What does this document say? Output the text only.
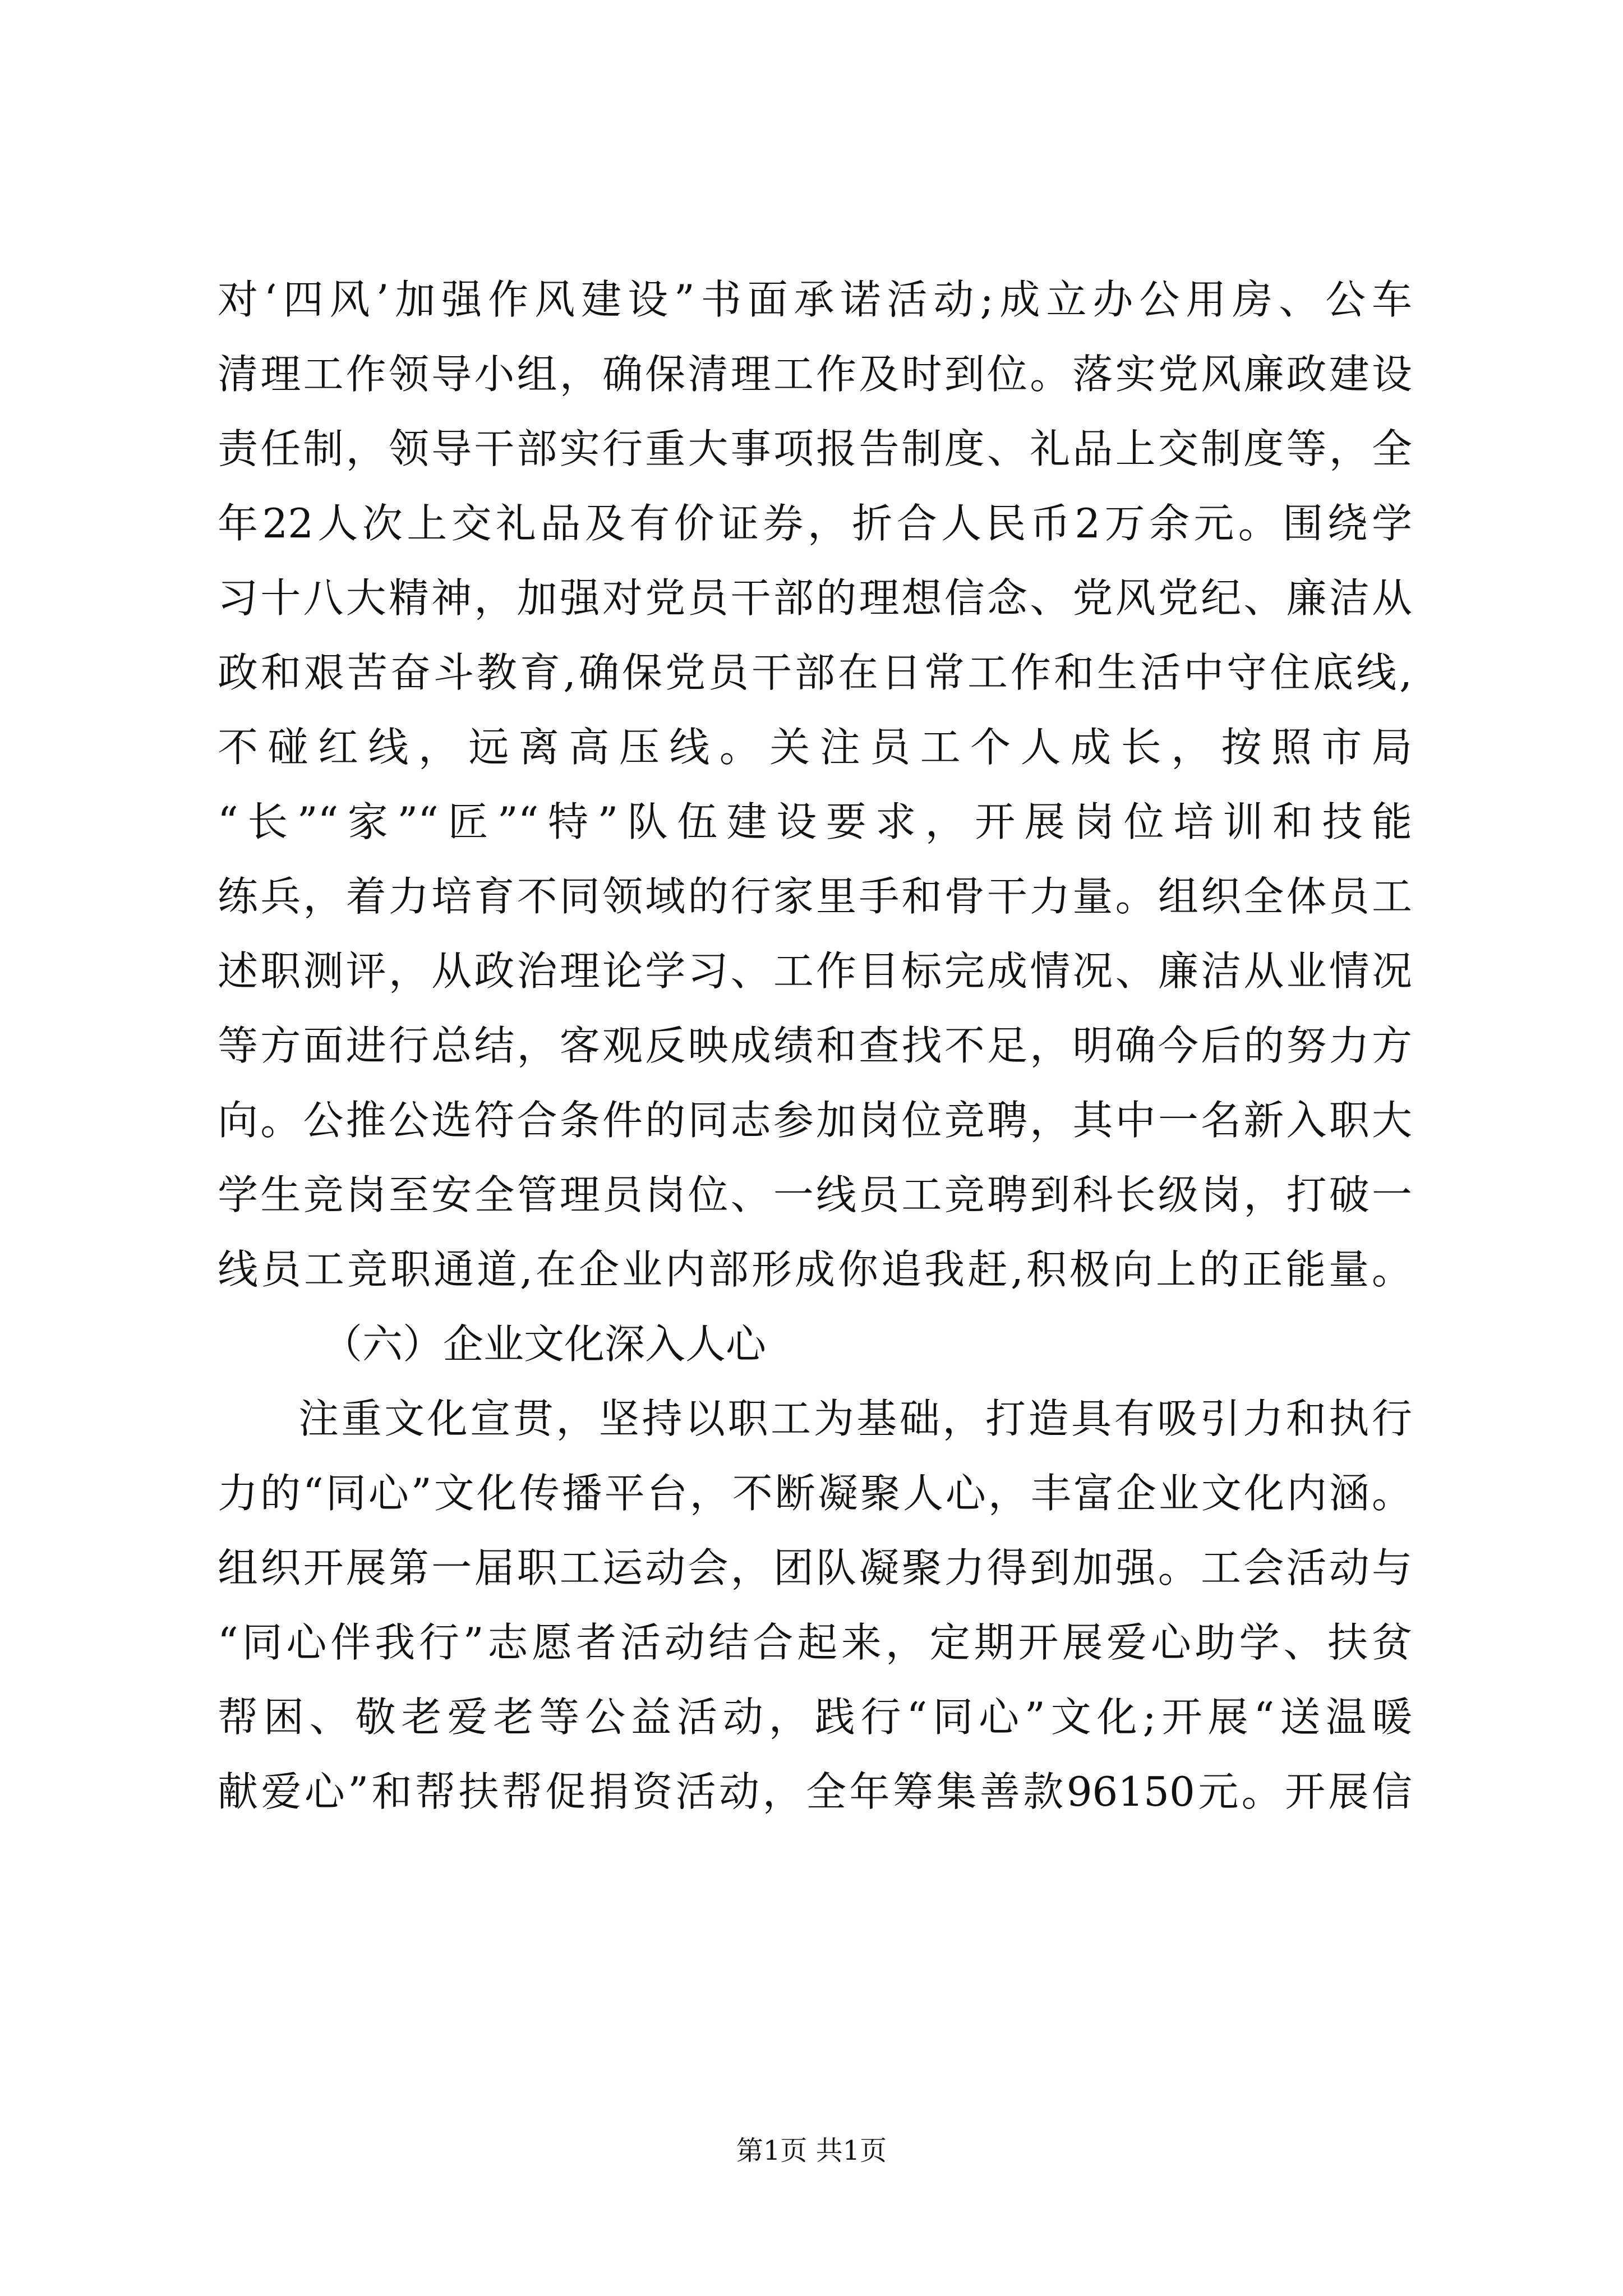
对‘四风’加强作风建设”书面承诺活动;成立办公用房、公车
清理工作领导小组，确保清理工作及时到位。落实党风廉政建设
责任制，领导干部实行重大事项报告制度、礼品上交制度等，全
年22人次上交礼品及有价证券，折合人民币2万余元。围绕学
习十八大精神，加强对党员干部的理想信念、党风党纪、廉洁从
政和艰苦奋斗教育,确保党员干部在日常工作和生活中守住底线,
不碰红线，远离高压线。关注员工个人成长，按照市局
“长”“家”“匠”“特”队伍建设要求，开展岗位培训和技能
练兵，着力培育不同领域的行家里手和骨干力量。组织全体员工
述职测评，从政治理论学习、工作目标完成情况、廉洁从业情况
等方面进行总结，客观反映成绩和查找不足，明确今后的努力方
向。公推公选符合条件的同志参加岗位竞聘，其中一名新入职大
学生竞岗至安全管理员岗位、一线员工竞聘到科长级岗，打破一
线员工竞职通道,在企业内部形成你追我赶,积极向上的正能量。
（六）企业文化深入人心
注重文化宣贯，坚持以职工为基础，打造具有吸引力和执行
力的“同心”文化传播平台，不断凝聚人心，丰富企业文化内涵。
组织开展第一届职工运动会，团队凝聚力得到加强。工会活动与
“同心伴我行”志愿者活动结合起来，定期开展爱心助学、扶贫
帮困、敬老爱老等公益活动，践行“同心”文化;开展“送温暖
献爱心”和帮扶帮促捐资活动，全年筹集善款96150元。开展信
第1页 共1页
